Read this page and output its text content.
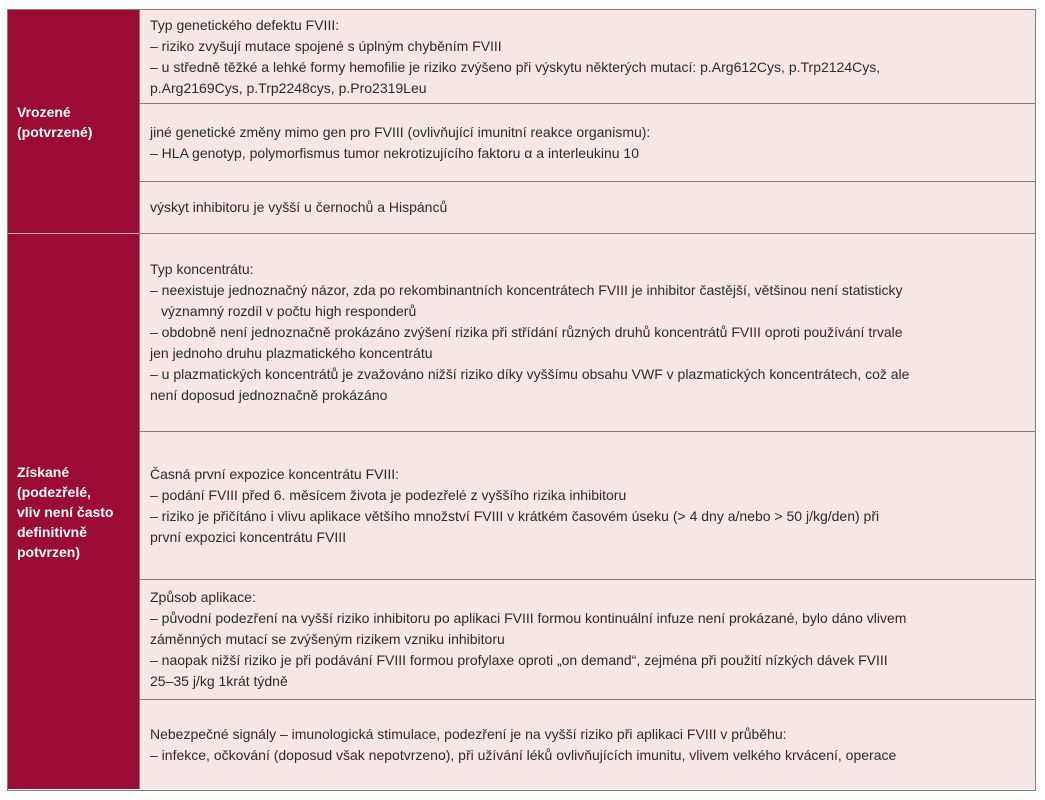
Vrozené
(potvrzené)
Získané
(podezřelé,
vliv není často
definitivně
potvrzen)
Typ genetického defektu FVIII:
– riziko zvyšují mutace spojené s úplným chyběním FVIII
– u středně těžké a lehké formy hemofilie je riziko zvýšeno při výskytu některých mutací: p.Arg612Cys, p.Trp2124Cys,
p.Arg2169Cys, p.Trp2248cys, p.Pro2319Leu
jiné genetické změny mimo gen pro FVIII (ovlivňující imunitní reakce organismu):
– HLA genotyp, polymorfismus tumor nekrotizujícího faktoru α a interleukinu 10
výskyt inhibitoru je vyšší u černochů a Hispánců
Typ koncentrátu:
– neexistuje jednoznačný názor, zda po rekombinantních koncentrátech FVIII je inhibitor častější, většinou není statisticky
významný rozdíl v počtu high responderů
– obdobně není jednoznačně prokázáno zvýšení rizika při střídání různých druhů koncentrátů FVIII oproti používání trvale
jen jednoho druhu plazmatického koncentrátu
– u plazmatických koncentrátů je zvažováno nižší riziko díky vyššímu obsahu VWF v plazmatických koncentrátech, což ale
není doposud jednoznačně prokázáno
Časná první expozice koncentrátu FVIII:
– podání FVIII před 6. měsícem života je podezřelé z vyššího rizika inhibitoru
– riziko je přičítáno i vlivu aplikace většího množství FVIII v krátkém časovém úseku (> 4 dny a/nebo > 50 j/kg/den) při
první expozici koncentrátu FVIII
Způsob aplikace:
– původní podezření na vyšší riziko inhibitoru po aplikaci FVIII formou kontinuální infuze není prokázané, bylo dáno vlivem
záměnných mutací se zvýšeným rizikem vzniku inhibitoru
– naopak nižší riziko je při podávání FVIII formou profylaxe oproti „on demand“, zejména při použití nízkých dávek FVIII
25–35 j/kg 1krát týdně
Nebezpečné signály – imunologická stimulace, podezření je na vyšší riziko při aplikaci FVIII v průběhu:
– infekce, očkování (doposud však nepotvrzeno), při užívání léků ovlivňujících imunitu, vlivem velkého krvácení, operace
